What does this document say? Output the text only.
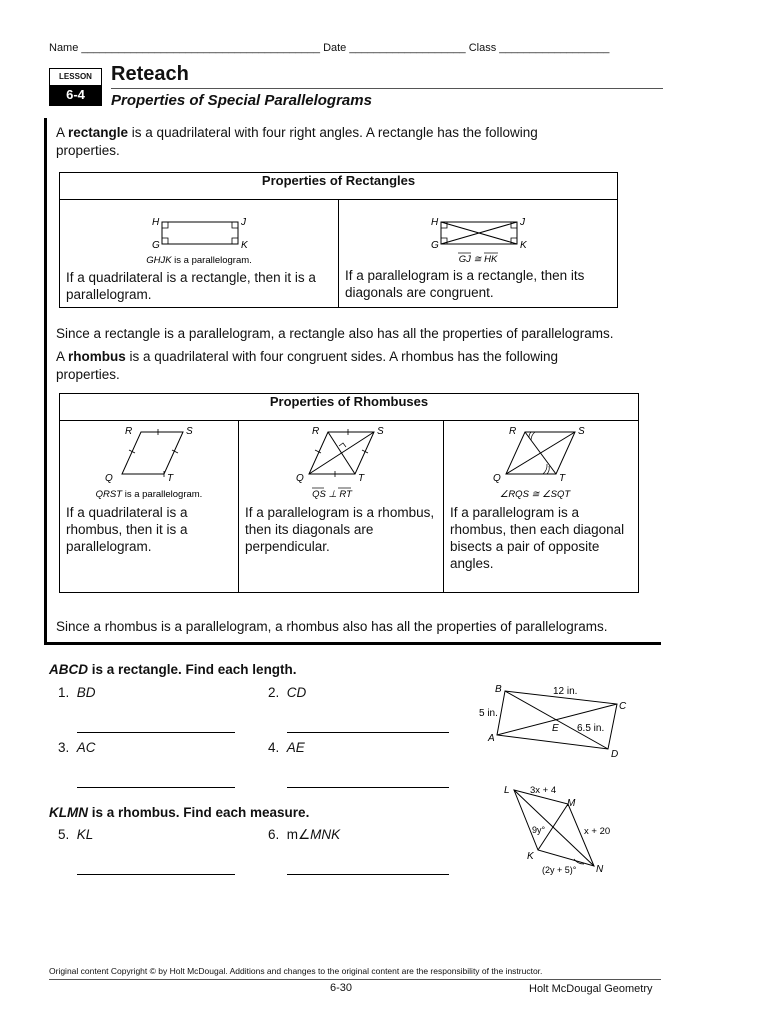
Name _______________________________________ Date ___________________ Class __________________
LESSON
6-4
Reteach
Properties of Special Parallelograms
A rectangle is a quadrilateral with four right angles. A rectangle has the following properties.
Properties of Rectangles

H	J
G	K
GHJK is a parallelogram.
If a quadrilateral is a rectangle, then it is a parallelogram.

H	J
G	K
GJ ≅ HK
If a parallelogram is a rectangle, then its diagonals are congruent.
Since a rectangle is a parallelogram, a rectangle also has all the properties of parallelograms.
A rhombus is a quadrilateral with four congruent sides. A rhombus has the following properties.
Properties of Rhombuses

R	S
Q	T
QRST is a parallelogram.
If a quadrilateral is a rhombus, then it is a parallelogram.

R	S
Q	T
QS ⊥ RT
If a parallelogram is a rhombus, then its diagonals are perpendicular.

R	S
Q	T
∠RQS ≅ ∠SQT
If a parallelogram is a rhombus, then each diagonal bisects a pair of opposite angles.
Since a rhombus is a parallelogram, a rhombus also has all the properties of parallelograms.
ABCD is a rectangle. Find each length.
1. BD	2. CD
3. AC	4. AE
B
C
A
D
E
12 in.
5 in.
6.5 in.
KLMN is a rhombus. Find each measure.
5. KL	6. m∠MNK
L
M
K
N
3x + 4
x + 20
9y°
(2y + 5)°
Original content Copyright © by Holt McDougal. Additions and changes to the original content are the responsibility of the instructor.
6-30	Holt McDougal Geometry
